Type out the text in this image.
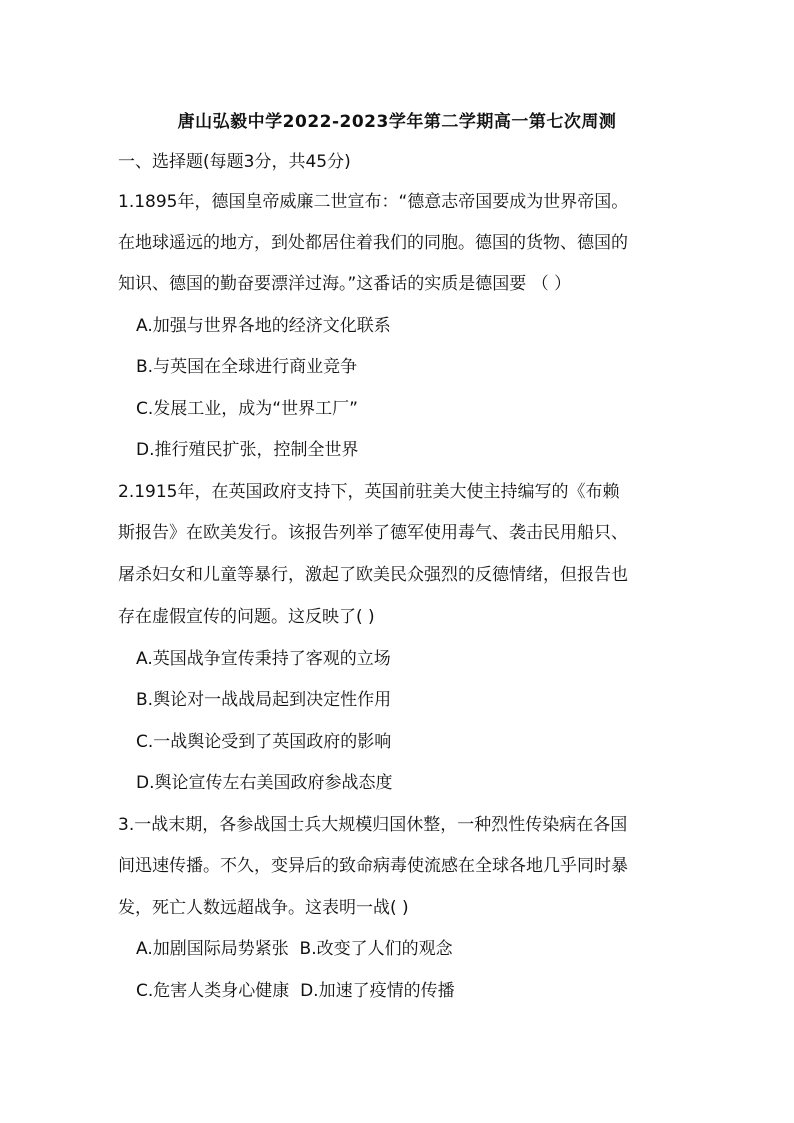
唐山弘毅中学2022-2023学年第二学期高一第七次周测
一、选择题(每题3分，共45分)
1.1895年，德国皇帝威廉二世宣布：“德意志帝国要成为世界帝国。
在地球遥远的地方，到处都居住着我们的同胞。德国的货物、德国的
知识、德国的勤奋要漂洋过海。”这番话的实质是德国要 （ ）
A.加强与世界各地的经济文化联系
B.与英国在全球进行商业竞争
C.发展工业，成为“世界工厂”
D.推行殖民扩张，控制全世界
2.1915年，在英国政府支持下，英国前驻美大使主持编写的《布赖
斯报告》在欧美发行。该报告列举了德军使用毒气、袭击民用船只、
屠杀妇女和儿童等暴行，激起了欧美民众强烈的反德情绪，但报告也
存在虚假宣传的问题。这反映了( )
A.英国战争宣传秉持了客观的立场
B.舆论对一战战局起到决定性作用
C.一战舆论受到了英国政府的影响
D.舆论宣传左右美国政府参战态度
3.一战末期，各参战国士兵大规模归国休整，一种烈性传染病在各国
间迅速传播。不久，变异后的致命病毒使流感在全球各地几乎同时暴
发，死亡人数远超战争。这表明一战( )
A.加剧国际局势紧张  B.改变了人们的观念
C.危害人类身心健康  D.加速了疫情的传播
